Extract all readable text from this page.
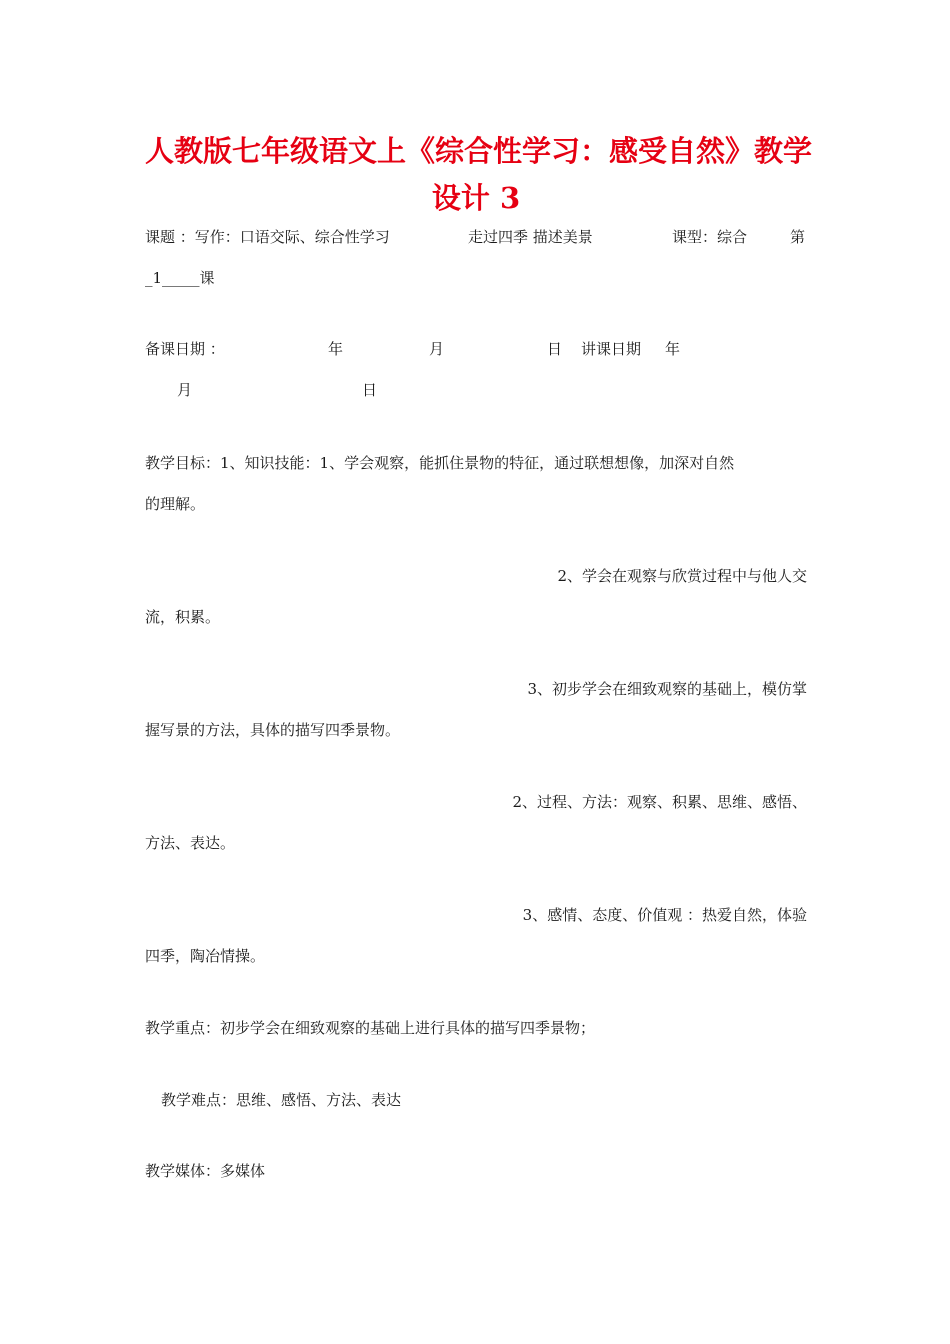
人教版七年级语文上《综合性学习：感受自然》教学
设计 3
课题 ：写作：口语交际、综合性学习	走过四季 描述美景	课型：综合	第
_1_____课
备课日期 ：	年	月	日 讲课日期 年
月	日
教学目标：1、知识技能：1、学会观察，能抓住景物的特征，通过联想想像，加深对自然
的理解。
2、学会在观察与欣赏过程中与他人交
流，积累。
3、初步学会在细致观察的基础上，模仿掌
握写景的方法，具体的描写四季景物。
2、过程、方法：观察、积累、思维、感悟、
方法、表达。
3、感情、态度、价值观 ：热爱自然，体验
四季，陶冶情操。
教学重点：初步学会在细致观察的基础上进行具体的描写四季景物；
教学难点：思维、感悟、方法、表达
教学媒体：多媒体
